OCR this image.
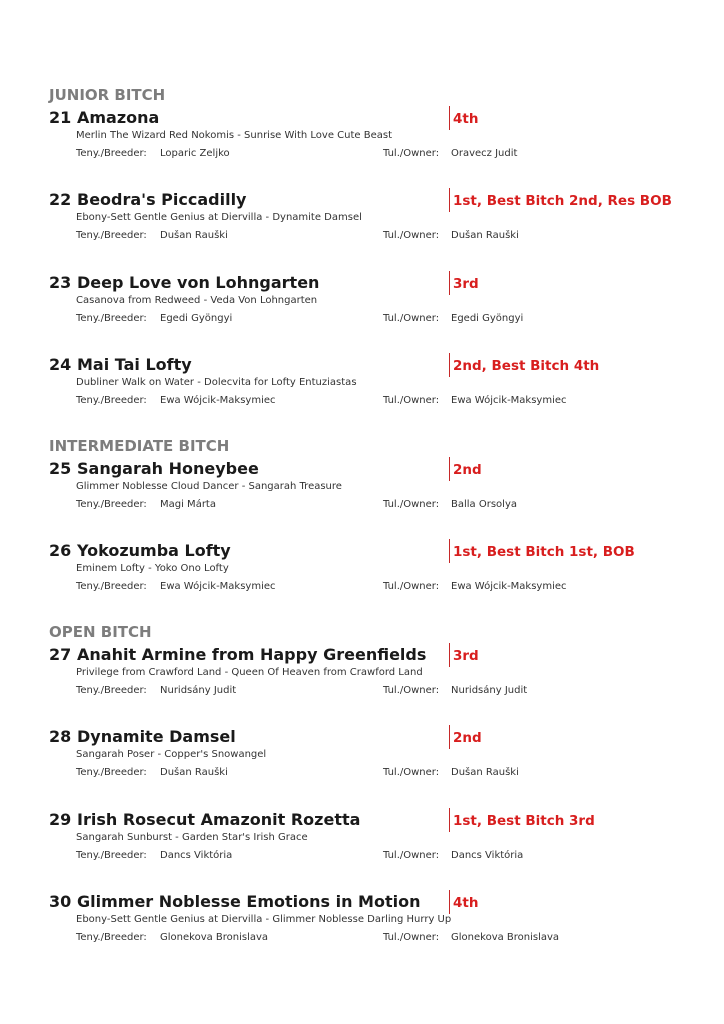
JUNIOR BITCH
21 Amazona	4th
Merlin The Wizard Red Nokomis - Sunrise With Love Cute Beast
Teny./Breeder: Loparic Zeljko	Tul./Owner: Oravecz Judit
22 Beodra's Piccadilly	1st, Best Bitch 2nd, Res BOB
Ebony-Sett Gentle Genius at Diervilla - Dynamite Damsel
Teny./Breeder: Dušan Rauški	Tul./Owner: Dušan Rauški
23 Deep Love von Lohngarten	3rd
Casanova from Redweed - Veda Von Lohngarten
Teny./Breeder: Egedi Gyöngyi	Tul./Owner: Egedi Gyöngyi
24 Mai Tai Lofty	2nd, Best Bitch 4th
Dubliner Walk on Water - Dolecvita for Lofty Entuziastas
Teny./Breeder: Ewa Wójcik-Maksymiec	Tul./Owner: Ewa Wójcik-Maksymiec
INTERMEDIATE BITCH
25 Sangarah Honeybee	2nd
Glimmer Noblesse Cloud Dancer - Sangarah Treasure
Teny./Breeder: Magi Márta	Tul./Owner: Balla Orsolya
26 Yokozumba Lofty	1st, Best Bitch 1st, BOB
Eminem Lofty - Yoko Ono Lofty
Teny./Breeder: Ewa Wójcik-Maksymiec	Tul./Owner: Ewa Wójcik-Maksymiec
OPEN BITCH
27 Anahit Armine from Happy Greenfields 3rd
Privilege from Crawford Land - Queen Of Heaven from Crawford Land
Teny./Breeder: Nuridsány Judit	Tul./Owner: Nuridsány Judit
28 Dynamite Damsel	2nd
Sangarah Poser - Copper's Snowangel
Teny./Breeder: Dušan Rauški	Tul./Owner: Dušan Rauški
29 Irish Rosecut Amazonit Rozetta	1st, Best Bitch 3rd
Sangarah Sunburst - Garden Star's Irish Grace
Teny./Breeder: Dancs Viktória	Tul./Owner: Dancs Viktória
30 Glimmer Noblesse Emotions in Motion 4th
Ebony-Sett Gentle Genius at Diervilla - Glimmer Noblesse Darling Hurry Up
Teny./Breeder: Glonekova Bronislava	Tul./Owner: Glonekova Bronislava
